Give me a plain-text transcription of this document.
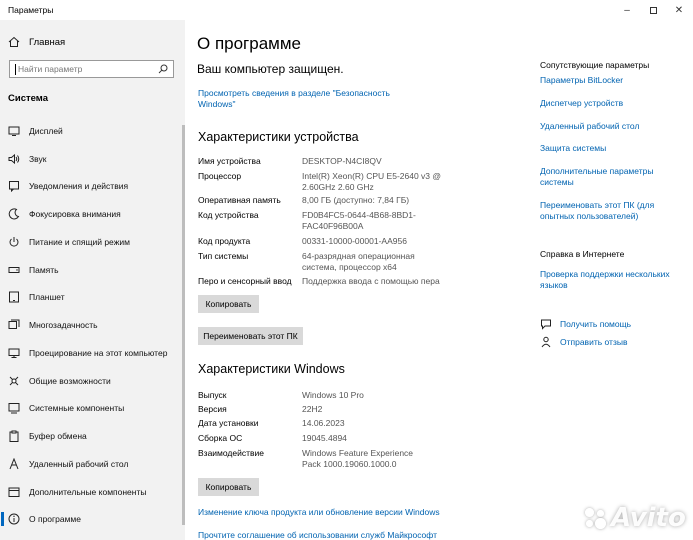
Параметры	–	✕
Главная
Найти параметр
Система
Дисплей
Звук
Уведомления и действия
Фокусировка внимания
Питание и спящий режим
Память
Планшет
Многозадачность
Проецирование на этот компьютер
Общие возможности
Системные компоненты
Буфер обмена
Удаленный рабочий стол
Дополнительные компоненты
О программе
О программе
Ваш компьютер защищен.
Просмотреть сведения в разделе "Безопасность Windows"
Характеристики устройства
Имя устройства	DESKTOP-N4CI8QV
Процессор	Intel(R) Xeon(R) CPU E5-2640 v3 @ 2.60GHz 2.60 GHz
Оперативная память	8,00 ГБ (доступно: 7,84 ГБ)
Код устройства	FD0B4FC5-0644-4B68-8BD1-FAC40F96B00A
Код продукта	00331-10000-00001-AA956
Тип системы	64-разрядная операционная система, процессор x64
Перо и сенсорный ввод	Поддержка ввода с помощью пера
Копировать
Переименовать этот ПК
Характеристики Windows
Выпуск	Windows 10 Pro
Версия	22H2
Дата установки	14.06.2023
Сборка ОС	19045.4894
Взаимодействие	Windows Feature Experience Pack 1000.19060.1000.0
Копировать
Изменение ключа продукта или обновление версии Windows
Прочтите соглашение об использовании служб Майкрософт
Сопутствующие параметры
Параметры BitLocker
Диспетчер устройств
Удаленный рабочий стол
Защита системы
Дополнительные параметры системы
Переименовать этот ПК (для опытных пользователей)
Справка в Интернете
Проверка поддержки нескольких языков
Получить помощь
Отправить отзыв
Avito
